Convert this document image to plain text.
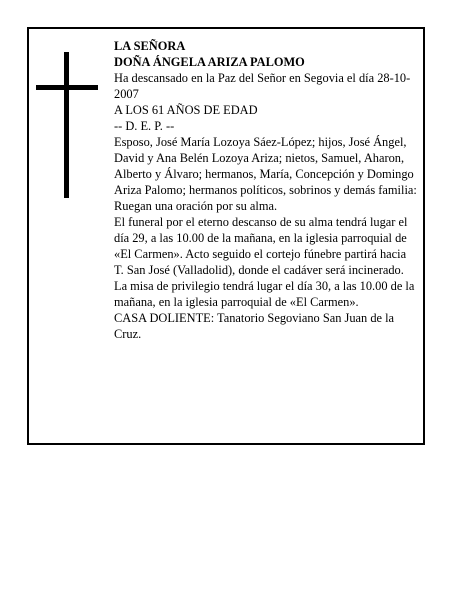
LA SEÑORA

DOÑA ÁNGELA ARIZA PALOMO

Ha descansado en la Paz del Señor en Segovia el día 28-10-2007

A LOS 61 AÑOS DE EDAD

-- D. E. P. --

Esposo, José María Lozoya Sáez-López; hijos, José Ángel, David y Ana Belén Lozoya Ariza; nietos, Samuel, Aharon, Alberto y Álvaro; hermanos, María, Concepción y Domingo Ariza Palomo; hermanos políticos, sobrinos y demás familia:

Ruegan una oración por su alma.

El funeral por el eterno descanso de su alma tendrá lugar el día 29, a las 10.00 de la mañana, en la iglesia parroquial de «El Carmen». Acto seguido el cortejo fúnebre partirá hacia T. San José (Valladolid), donde el cadáver será incinerado. La misa de privilegio tendrá lugar el día 30, a las 10.00 de la mañana, en la iglesia parroquial de «El Carmen».

CASA DOLIENTE: Tanatorio Segoviano San Juan de la Cruz.
